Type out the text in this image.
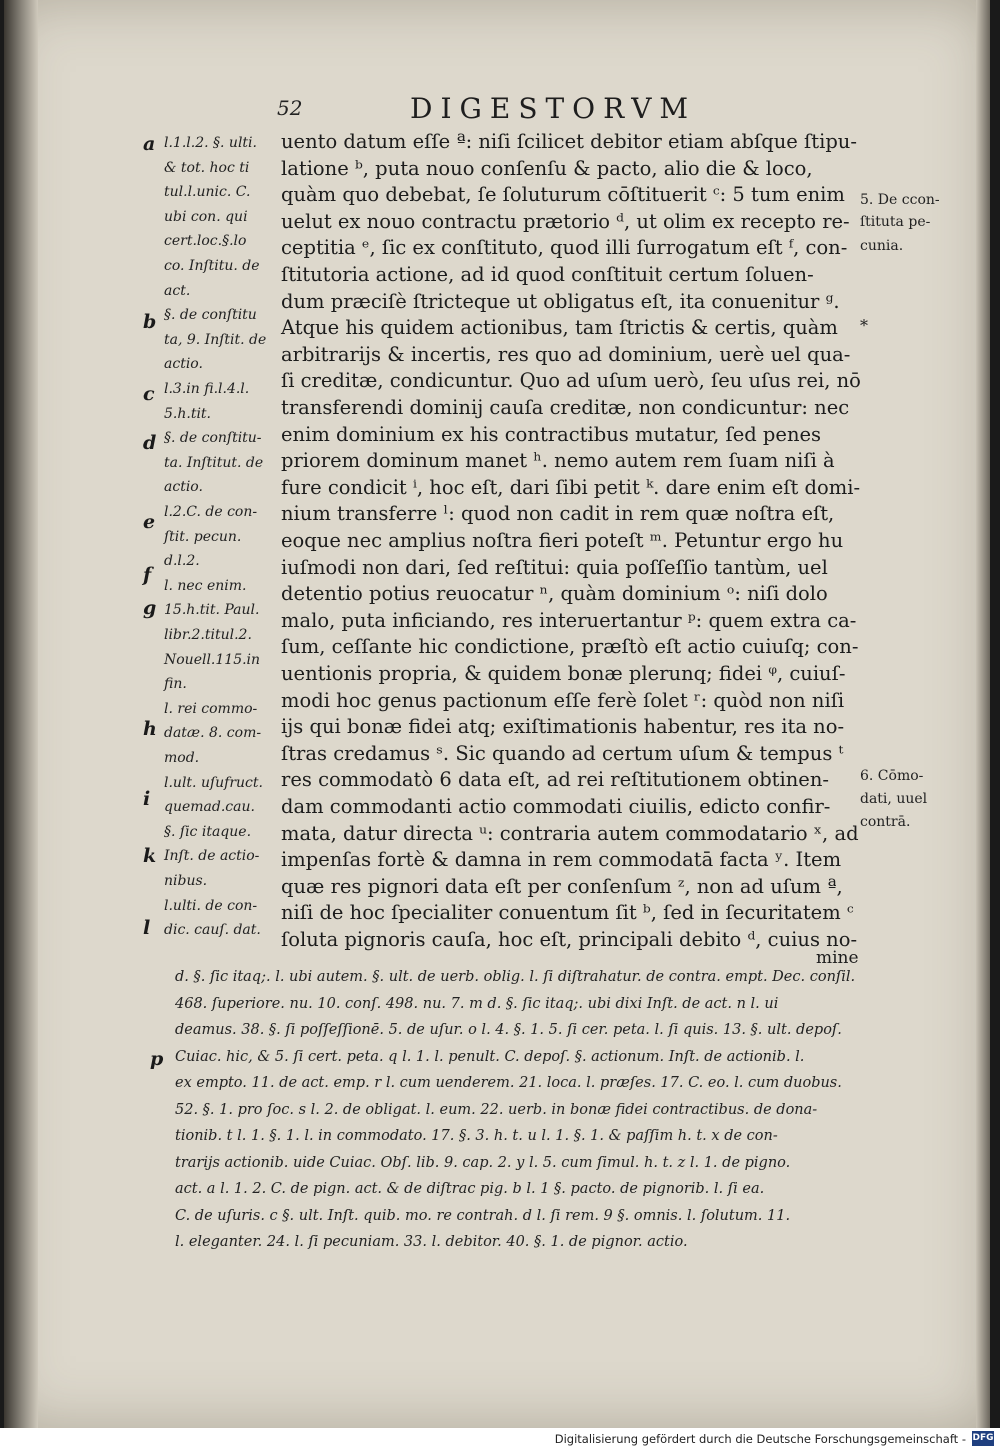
52	DIGESTORVM
uento datum eſſe ª: niſi ſcilicet debitor etiam abſque ſtipu-
latione ᵇ, puta nouo conſenſu & pacto, alio die & loco,
quàm quo debebat, ſe ſoluturum cōſtituerit ᶜ: 5 tum enim
uelut ex nouo contractu prætorio ᵈ, ut olim ex recepto re-
ceptitia ᵉ, ſic ex conſtituto, quod illi ſurrogatum eſt ᶠ, con-
ſtitutoria actione, ad id quod conſtituit certum ſoluen-
dum præciſè ſtricteque ut obligatus eſt, ita conuenitur ᵍ.
Atque his quidem actionibus, tam ſtrictis & certis, quàm
arbitrarijs & incertis, res quo ad dominium, uerè uel qua-
ſi creditæ, condicuntur. Quo ad uſum uerò, ſeu uſus rei, nō
transferendi dominij cauſa creditæ, non condicuntur: nec
enim dominium ex his contractibus mutatur, ſed penes
priorem dominum manet ʰ. nemo autem rem ſuam niſi à
fure condicit ⁱ, hoc eſt, dari ſibi petit ᵏ. dare enim eſt domi-
nium transferre ˡ: quod non cadit in rem quæ noſtra eſt,
eoque nec amplius noſtra fieri poteſt ᵐ. Petuntur ergo hu
iuſmodi non dari, ſed reſtitui: quia poſſeſſio tantùm, uel
detentio potius reuocatur ⁿ, quàm dominium ᵒ: niſi dolo
malo, puta inficiando, res interuertantur ᵖ: quem extra ca-
ſum, ceſſante hic condictione, præſtò eſt actio cuiuſq; con-
uentionis propria, & quidem bonæ plerunq; fidei ᵠ, cuiuſ-
modi hoc genus pactionum eſſe ferè ſolet ʳ: quòd non niſi
ijs qui bonæ fidei atq; exiſtimationis habentur, res ita no-
ſtras credamus ˢ. Sic quando ad certum uſum & tempus ᵗ
res commodatò 6 data eſt, ad rei reſtitutionem obtinen-
dam commodanti actio commodati ciuilis, edicto confir-
mata, datur directa ᵘ: contraria autem commodatario ˣ, ad
impenſas fortè & damna in rem commodatā facta ʸ. Item
quæ res pignori data eſt per conſenſum ᶻ, non ad uſum ª,
niſi de hoc ſpecialiter conuentum ſit ᵇ, ſed in ſecuritatem ᶜ
ſoluta pignoris cauſa, hoc eſt, principali debito ᵈ, cuius no-
mine
a
b
c
d
e
f
g
h
i
k
l
l.1.l.2. §. ulti.
& tot. hoc ti
tul.l.unic. C.
ubi con. qui
cert.loc.§.lo
co. Inſtitu. de
act.
§. de conſtitu
ta, 9. Inſtit. de
actio.
l.3.in fi.l.4.l.
5.h.tit.
§. de conſtitu-
ta. Inſtitut. de
actio.
l.2.C. de con-
ſtit. pecun.
d.l.2.
l. nec enim.
15.h.tit. Paul.
libr.2.titul.2.
Nouell.115.in
fin.
l. rei commo-
datæ. 8. com-
mod.
l.ult. uſufruct.
quemad.cau.
§. ſic itaque.
Inſt. de actio-
nibus.
l.ulti. de con-
dic. cauſ. dat.
5. De ccon-
ſtituta pe-
cunia.
6. Cōmo-
dati, uuel
contrā.
*
p
d. §. ſic itaq;. l. ubi autem. §. ult. de uerb. oblig. l. ſi diſtrahatur. de contra. empt. Dec. conſil.
468. ſuperiore. nu. 10. conſ. 498. nu. 7. m d. §. ſic itaq;. ubi dixi Inſt. de act. n l. ui
deamus. 38. §. ſi poſſeſſionē. 5. de uſur. o l. 4. §. 1. 5. ſi cer. peta. l. ſi quis. 13. §. ult. depoſ.
Cuiac. hic, & 5. ſi cert. peta. q l. 1. l. penult. C. depoſ. §. actionum. Inſt. de actionib. l.
ex empto. 11. de act. emp. r l. cum uenderem. 21. loca. l. præſes. 17. C. eo. l. cum duobus.
52. §. 1. pro ſoc. s l. 2. de obligat. l. eum. 22. uerb. in bonæ fidei contractibus. de dona-
tionib. t l. 1. §. 1. l. in commodato. 17. §. 3. h. t. u l. 1. §. 1. & paſſim h. t. x de con-
trarijs actionib. uide Cuiac. Obſ. lib. 9. cap. 2. y l. 5. cum ſimul. h. t. z l. 1. de pigno.
act. a l. 1. 2. C. de pign. act. & de diſtrac pig. b l. 1 §. pacto. de pignorib. l. ſi ea.
C. de uſuris. c §. ult. Inſt. quib. mo. re contrah. d l. ſi rem. 9 §. omnis. l. ſolutum. 11.
l. eleganter. 24. l. ſi pecuniam. 33. l. debitor. 40. §. 1. de pignor. actio.
Digitalisierung gefördert durch die Deutsche Forschungsgemeinschaft - DFG
